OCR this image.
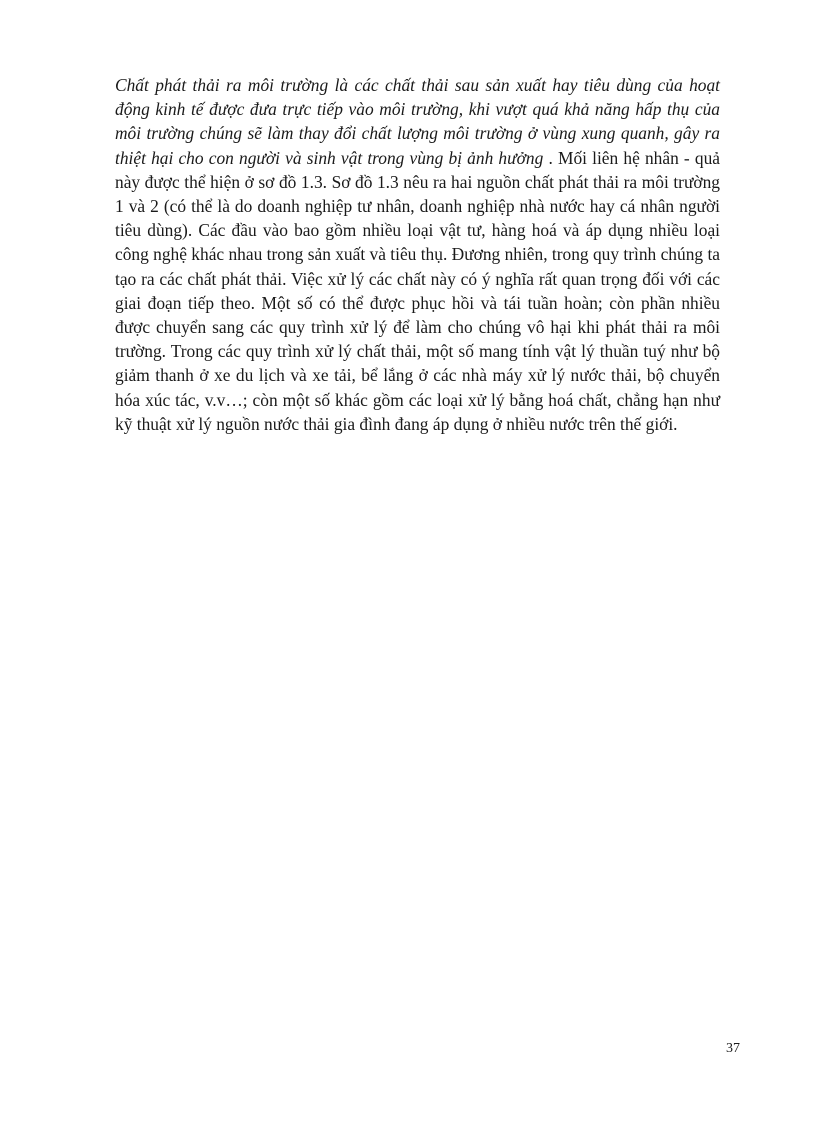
Chất phát thải ra môi trường là các chất thải sau sản xuất hay tiêu dùng của hoạt động kinh tế được đưa trực tiếp vào môi trường, khi vượt quá khả năng hấp thụ của môi trường chúng sẽ làm thay đổi chất lượng môi trường ở vùng xung quanh, gây ra thiệt hại cho con người và sinh vật trong vùng bị ảnh hưởng . Mối liên hệ nhân - quả này được thể hiện ở sơ đồ 1.3. Sơ đồ 1.3 nêu ra hai nguồn chất phát thải ra môi trường 1 và 2 (có thể là do doanh nghiệp tư nhân, doanh nghiệp nhà nước hay cá nhân người tiêu dùng). Các đầu vào bao gồm nhiều loại vật tư, hàng hoá và áp dụng nhiều loại công nghệ khác nhau trong sản xuất và tiêu thụ. Đương nhiên, trong quy trình chúng ta tạo ra các chất phát thải. Việc xử lý các chất này có ý nghĩa rất quan trọng đối với các giai đoạn tiếp theo. Một số có thể được phục hồi và tái tuần hoàn; còn phần nhiều được chuyển sang các quy trình xử lý để làm cho chúng vô hại khi phát thải ra môi trường. Trong các quy trình xử lý chất thải, một số mang tính vật lý thuần tuý như bộ giảm thanh ở xe du lịch và xe tải, bể lắng ở các nhà máy xử lý nước thải, bộ chuyển hóa xúc tác, v.v…; còn một số khác gồm các loại xử lý bằng hoá chất, chẳng hạn như kỹ thuật xử lý nguồn nước thải gia đình đang áp dụng ở nhiều nước trên thế giới.

37
